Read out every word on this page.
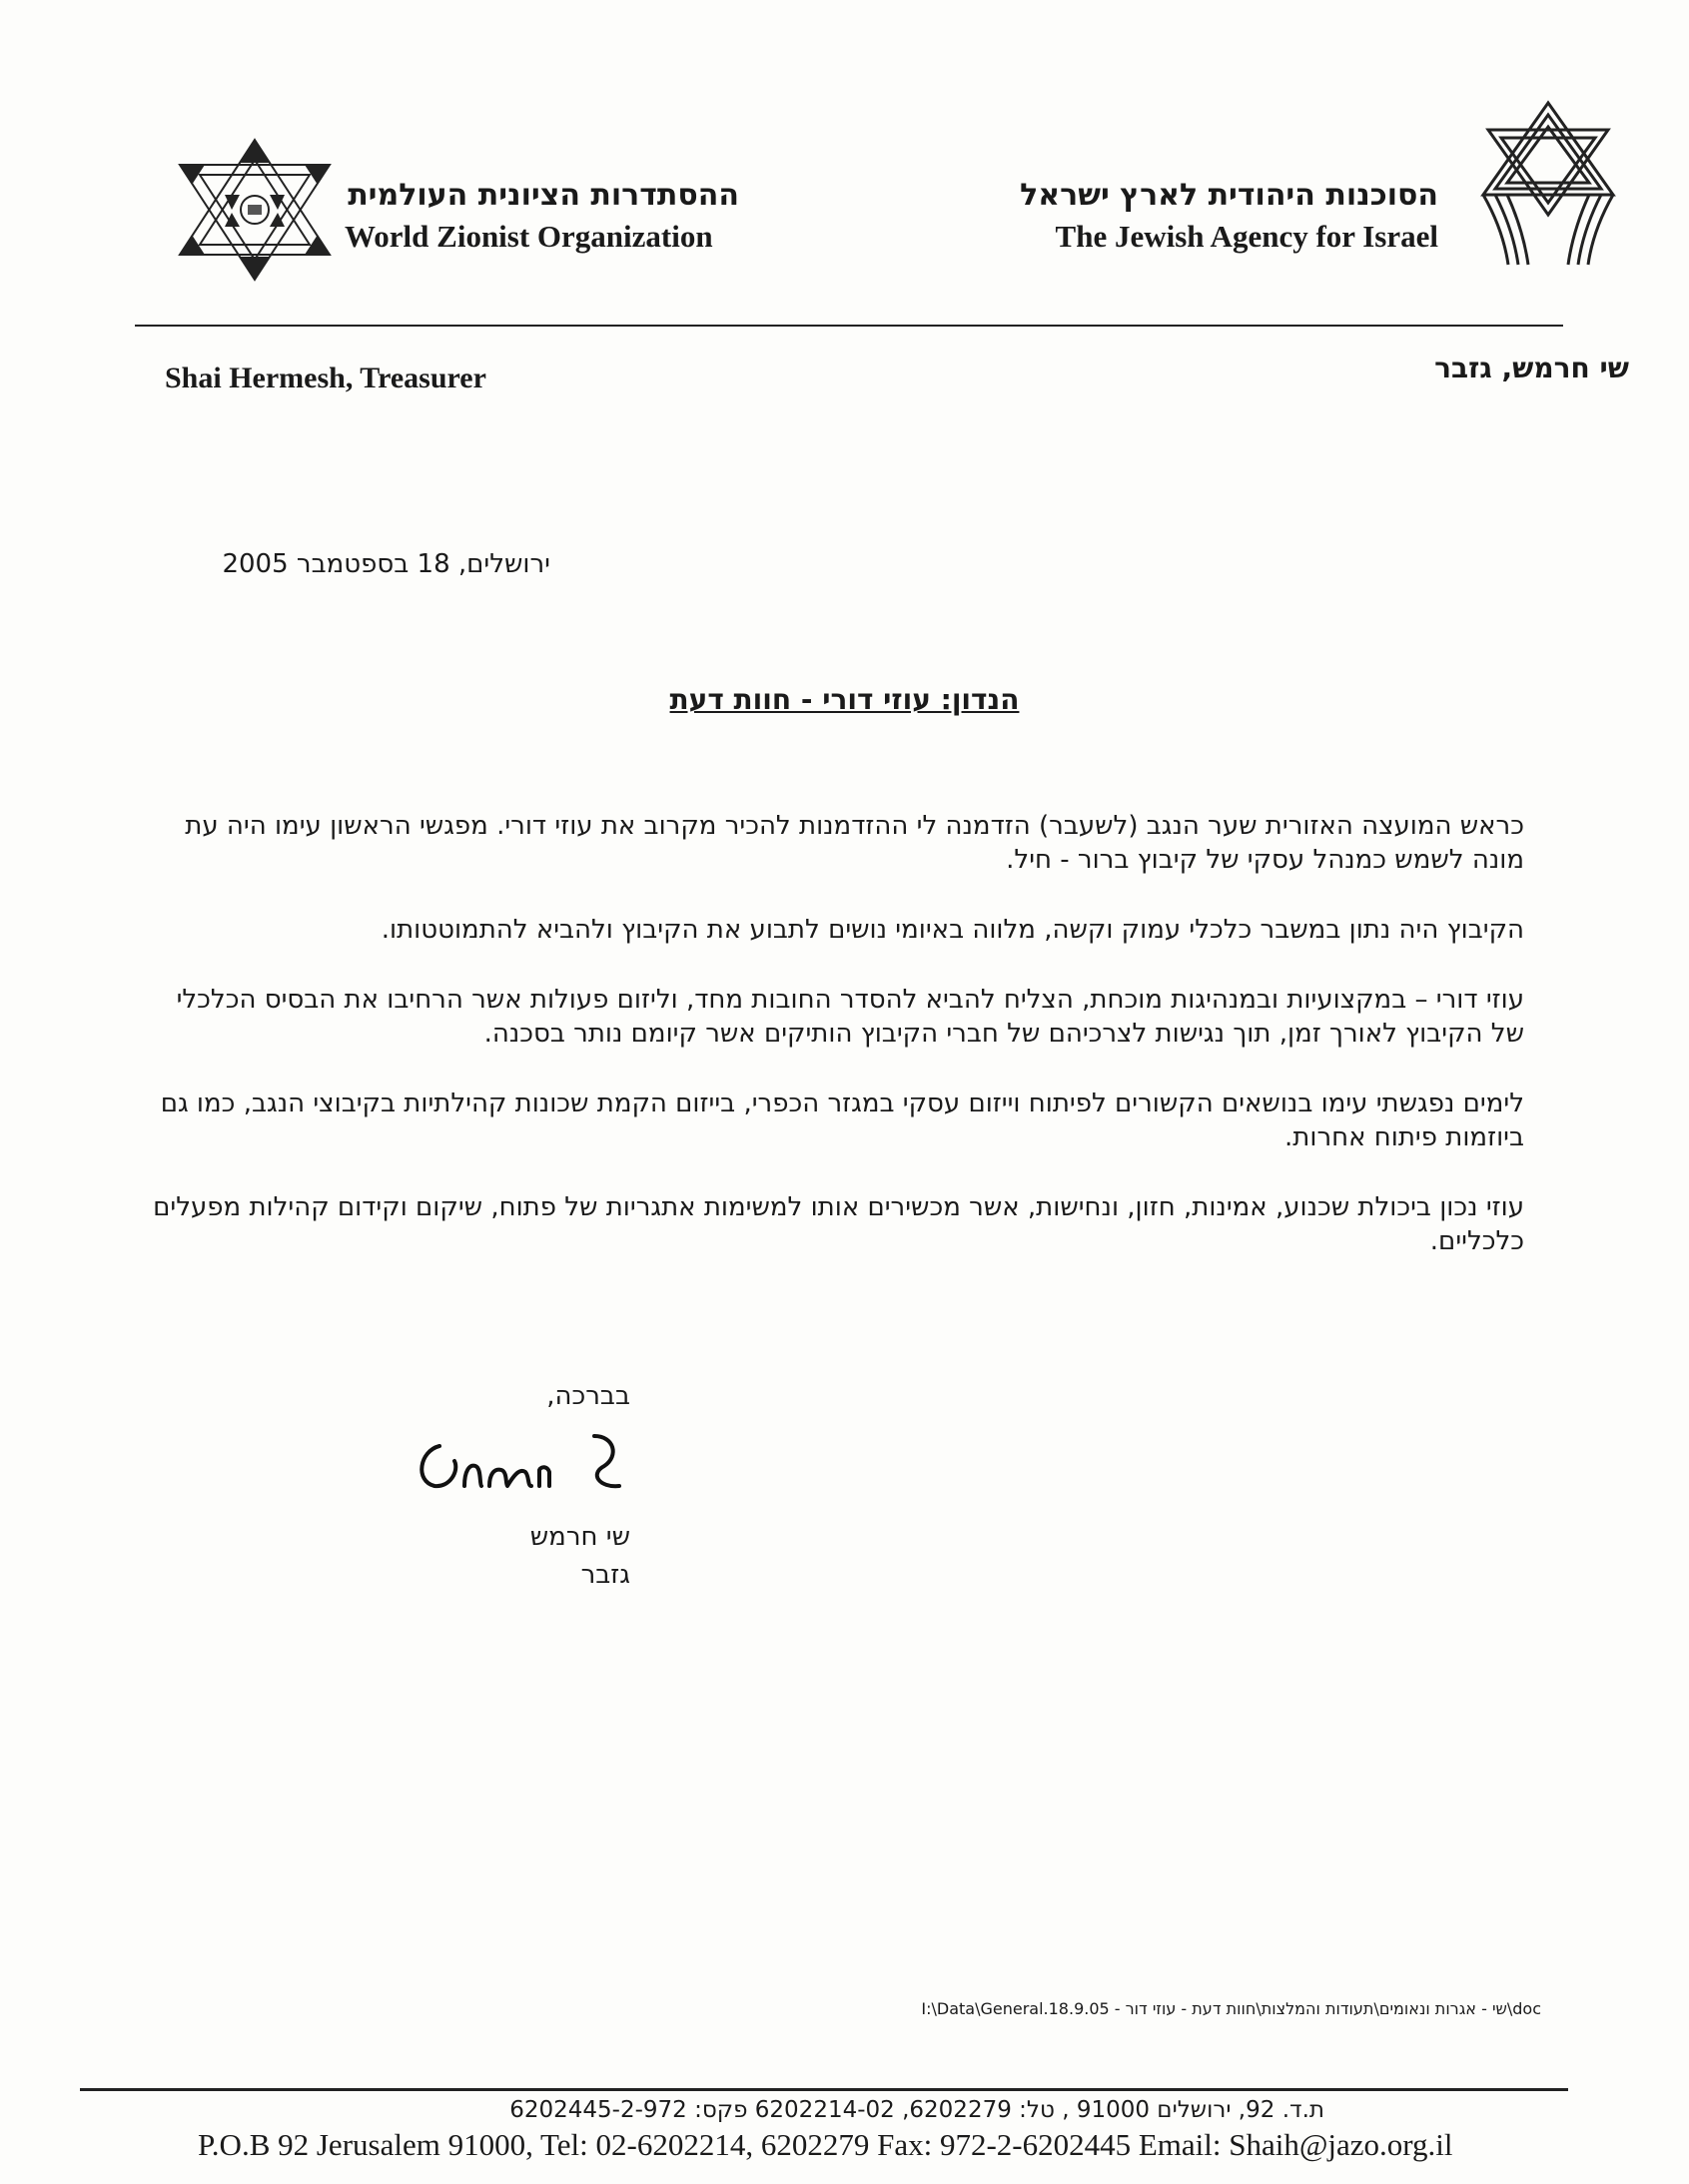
ההסתדרות הציונית העולמית
World Zionist Organization
הסוכנות היהודית לארץ ישראל
The Jewish Agency for Israel
Shai Hermesh, Treasurer	שי חרמש, גזבר
ירושלים, 18 בספטמבר 2005
הנדון: עוזי דורי - חוות דעת

כראש המועצה האזורית שער הנגב (לשעבר) הזדמנה לי ההזדמנות להכיר מקרוב את עוזי דורי. מפגשי הראשון עימו היה עת מונה לשמש כמנהל עסקי של קיבוץ ברור - חיל.

הקיבוץ היה נתון במשבר כלכלי עמוק וקשה, מלווה באיומי נושים לתבוע את הקיבוץ ולהביא להתמוטטותו.

עוזי דורי – במקצועיות ובמנהיגות מוכחת, הצליח להביא להסדר החובות מחד, וליזום פעולות אשר הרחיבו את הבסיס הכלכלי של הקיבוץ לאורך זמן, תוך נגישות לצרכיהם של חברי הקיבוץ הותיקים אשר קיומם נותר בסכנה.

לימים נפגשתי עימו בנושאים הקשורים לפיתוח וייזום עסקי במגזר הכפרי, בייזום הקמת שכונות קהילתיות בקיבוצי הנגב, כמו גם ביוזמות פיתוח אחרות.

עוזי נכון ביכולת שכנוע, אמינות, חזון, ונחישות, אשר מכשירים אותו למשימות אתגריות של פתוח, שיקום וקידום קהילות מפעלים כלכליים.

בברכה,
שי חרמש
גזבר
I:\Data\General.18.9.05 - שי - אגרות ונאומים\תעודות והמלצות\חוות דעת - עוזי דור\doc
ת.ד. 92, ירושלים 91000 , טל: 6202279, 6202214-02 פקס: 6202445-2-972
P.O.B 92 Jerusalem 91000, Tel: 02-6202214, 6202279 Fax: 972-2-6202445 Email: Shaih@jazo.org.il
